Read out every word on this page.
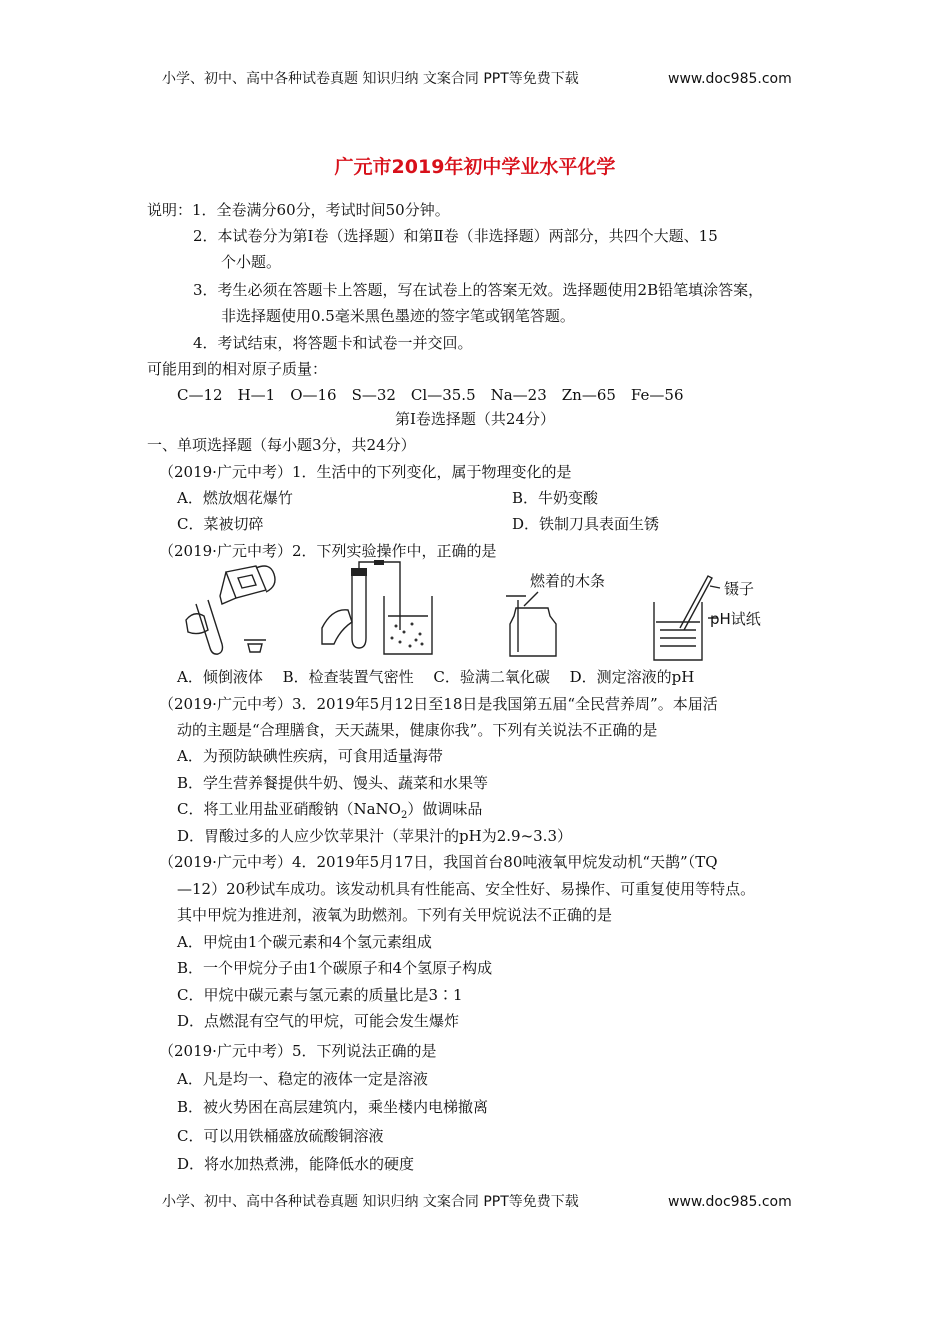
小学、初中、高中各种试卷真题 知识归纳 文案合同 PPT等免费下载	www.doc985.com
广元市2019年初中学业水平化学
说明：1．全卷满分60分，考试时间50分钟。
2．本试卷分为第Ⅰ卷（选择题）和第Ⅱ卷（非选择题）两部分，共四个大题、15
个小题。
3．考生必须在答题卡上答题，写在试卷上的答案无效。选择题使用2B铅笔填涂答案，
非选择题使用0.5毫米黑色墨迹的签字笔或钢笔答题。
4．考试结束，将答题卡和试卷一并交回。
可能用到的相对原子质量：
C—12　H—1　O—16　S—32　Cl—35.5　Na—23　Zn—65　Fe—56
第Ⅰ卷选择题（共24分）
一、单项选择题（每小题3分，共24分）
（2019·广元中考）1．生活中的下列变化，属于物理变化的是
A．燃放烟花爆竹	B．牛奶变酸
C．菜被切碎	D．铁制刀具表面生锈
（2019·广元中考）2．下列实验操作中，正确的是
燃着的木条	镊子
pH试纸
A．倾倒液体　 B．检查装置气密性　 C．验满二氧化碳　 D．测定溶液的pH
（2019·广元中考）3．2019年5月12日至18日是我国第五届“全民营养周”。本届活
动的主题是“合理膳食，天天蔬果，健康你我”。下列有关说法不正确的是
A．为预防缺碘性疾病，可食用适量海带
B．学生营养餐提供牛奶、馒头、蔬菜和水果等
C．将工业用盐亚硝酸钠（NaNO$_2$）做调味品
D．胃酸过多的人应少饮苹果汁（苹果汁的pH为2.9~3.3）
（2019·广元中考）4．2019年5月17日，我国首台80吨液氧甲烷发动机“天鹊”（TQ
—12）20秒试车成功。该发动机具有性能高、安全性好、易操作、可重复使用等特点。
其中甲烷为推进剂，液氧为助燃剂。下列有关甲烷说法不正确的是
A．甲烷由1个碳元素和4个氢元素组成
B．一个甲烷分子由1个碳原子和4个氢原子构成
C．甲烷中碳元素与氢元素的质量比是3∶1
D．点燃混有空气的甲烷，可能会发生爆炸
（2019·广元中考）5．下列说法正确的是
A．凡是均一、稳定的液体一定是溶液
B．被火势困在高层建筑内，乘坐楼内电梯撤离
C．可以用铁桶盛放硫酸铜溶液
D．将水加热煮沸，能降低水的硬度
小学、初中、高中各种试卷真题 知识归纳 文案合同 PPT等免费下载	www.doc985.com
